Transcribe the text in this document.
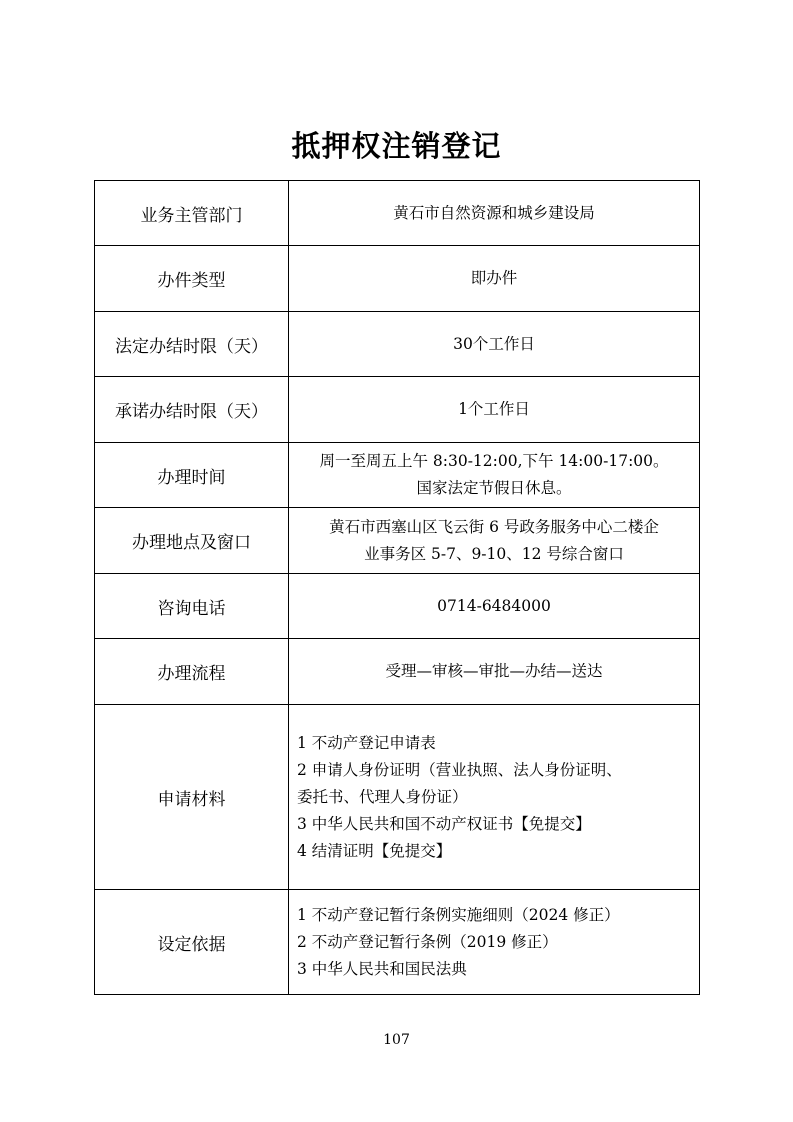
抵押权注销登记
业务主管部门	黄石市自然资源和城乡建设局

办件类型	即办件

法定办结时限（天）	30个工作日

承诺办结时限（天）	1个工作日

办理时间	周一至周五上午 8:30-12:00,下午 14:00-17:00。
国家法定节假日休息。

办理地点及窗口	黄石市西塞山区飞云街 6 号政务服务中心二楼企
业事务区 5-7、9-10、12 号综合窗口

咨询电话	0714-6484000

办理流程	受理—审核—审批—办结—送达

申请材料	1 不动产登记申请表
2 申请人身份证明（营业执照、法人身份证明、
委托书、代理人身份证）
3 中华人民共和国不动产权证书【免提交】
4 结清证明【免提交】

设定依据	1 不动产登记暂行条例实施细则（2024 修正）
2 不动产登记暂行条例（2019 修正）
3 中华人民共和国民法典
107
